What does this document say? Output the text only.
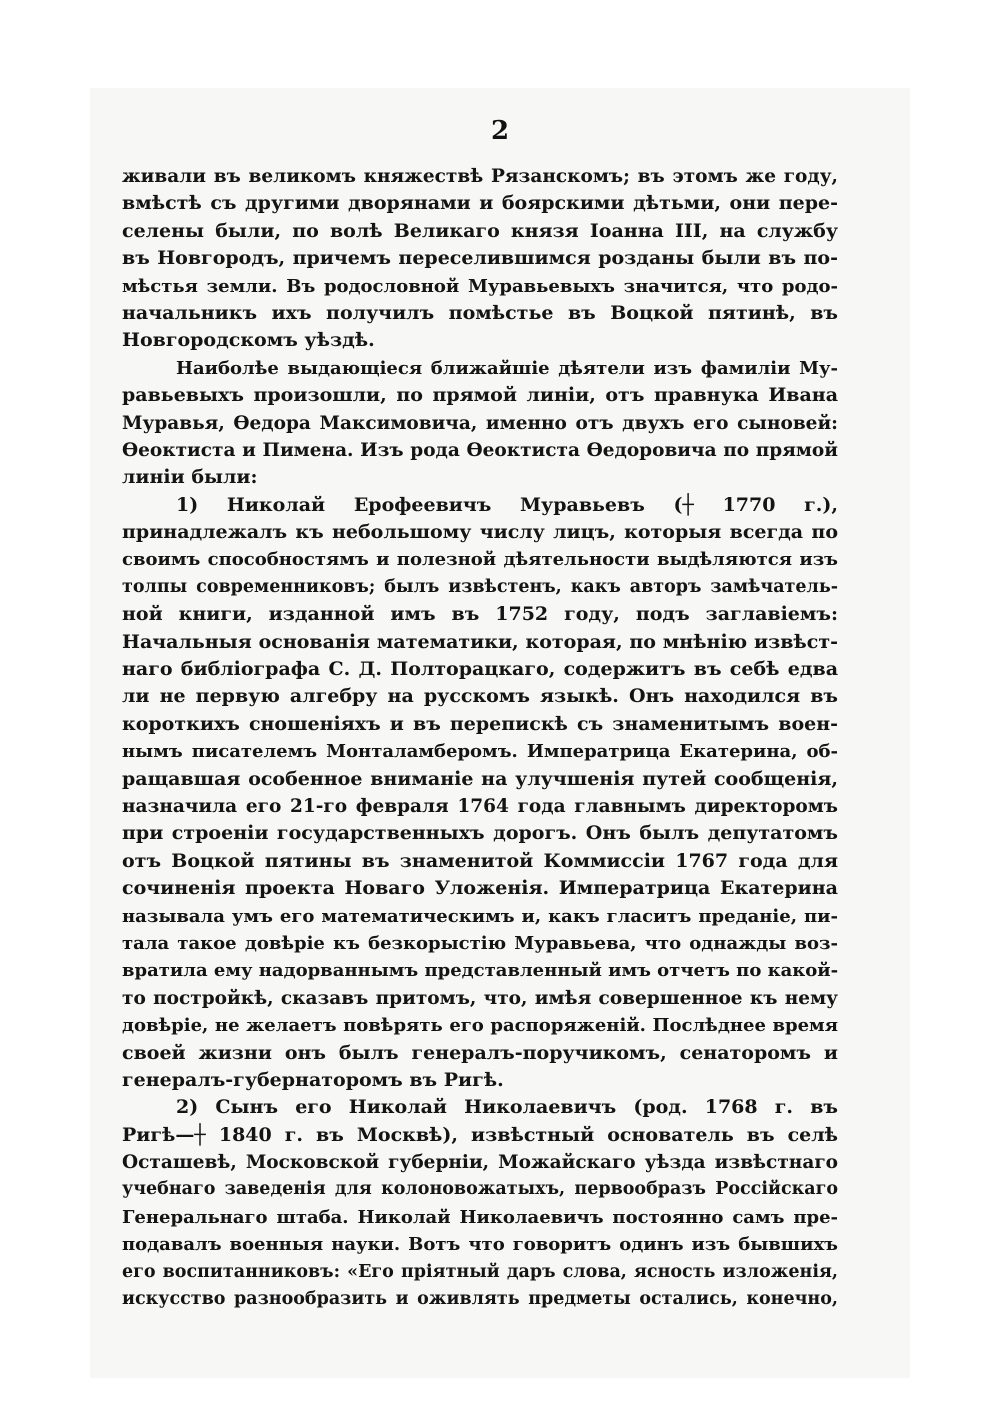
2
живали въ великомъ княжествѣ Рязанскомъ; въ этомъ же году,
вмѣстѣ съ другими дворянами и боярскими дѣтьми, они пере-
селены были, по волѣ Великаго князя Іоанна III, на службу
въ Новгородъ, причемъ переселившимся розданы были въ по-
мѣстья земли. Въ родословной Муравьевыхъ значится, что родо-
начальникъ ихъ получилъ помѣстье въ Воцкой пятинѣ, въ
Новгородскомъ уѣздѣ.
Наиболѣе выдающіеся ближайшіе дѣятели изъ фамиліи Му-
равьевыхъ произошли, по прямой линіи, отъ правнука Ивана
Муравья, Ѳедора Максимовича, именно отъ двухъ его сыновей:
Ѳеоктиста и Пимена. Изъ рода Ѳеоктиста Ѳедоровича по прямой
линіи были:
1) Николай Ерофеевичъ Муравьевъ (┼ 1770 г.),
принадлежалъ къ небольшому числу лицъ, которыя всегда по
своимъ способностямъ и полезной дѣятельности выдѣляются изъ
толпы современниковъ; былъ извѣстенъ, какъ авторъ замѣчатель-
ной книги, изданной имъ въ 1752 году, подъ заглавіемъ:
Начальныя основанія математики, которая, по мнѣнію извѣст-
наго библіографа С. Д. Полторацкаго, содержитъ въ себѣ едва
ли не первую алгебру на русскомъ языкѣ. Онъ находился въ
короткихъ сношеніяхъ и въ перепискѣ съ знаменитымъ воен-
нымъ писателемъ Монталамберомъ. Императрица Екатерина, об-
ращавшая особенное вниманіе на улучшенія путей сообщенія,
назначила его 21-го февраля 1764 года главнымъ директоромъ
при строеніи государственныхъ дорогъ. Онъ былъ депутатомъ
отъ Воцкой пятины въ знаменитой Коммиссіи 1767 года для
сочиненія проекта Новаго Уложенія. Императрица Екатерина
называла умъ его математическимъ и, какъ гласитъ преданіе, пи-
тала такое довѣріе къ безкорыстію Муравьева, что однажды воз-
вратила ему надорваннымъ представленный имъ отчетъ по какой-
то постройкѣ, сказавъ притомъ, что, имѣя совершенное къ нему
довѣріе, не желаетъ повѣрять его распоряженій. Послѣднее время
своей жизни онъ былъ генералъ-поручикомъ, сенаторомъ и
генералъ-губернаторомъ въ Ригѣ.
2) Сынъ его Николай Николаевичъ (род. 1768 г. въ
Ригѣ—┼ 1840 г. въ Москвѣ), извѣстный основатель въ селѣ
Осташевѣ, Московской губерніи, Можайскаго уѣзда извѣстнаго
учебнаго заведенія для колоновожатыхъ, первообразъ Россійскаго
Генеральнаго штаба. Николай Николаевичъ постоянно самъ пре-
подавалъ военныя науки. Вотъ что говоритъ одинъ изъ бывшихъ
его воспитанниковъ: «Его пріятный даръ слова, ясность изложенія,
искусство разнообразить и оживлять предметы остались, конечно,
